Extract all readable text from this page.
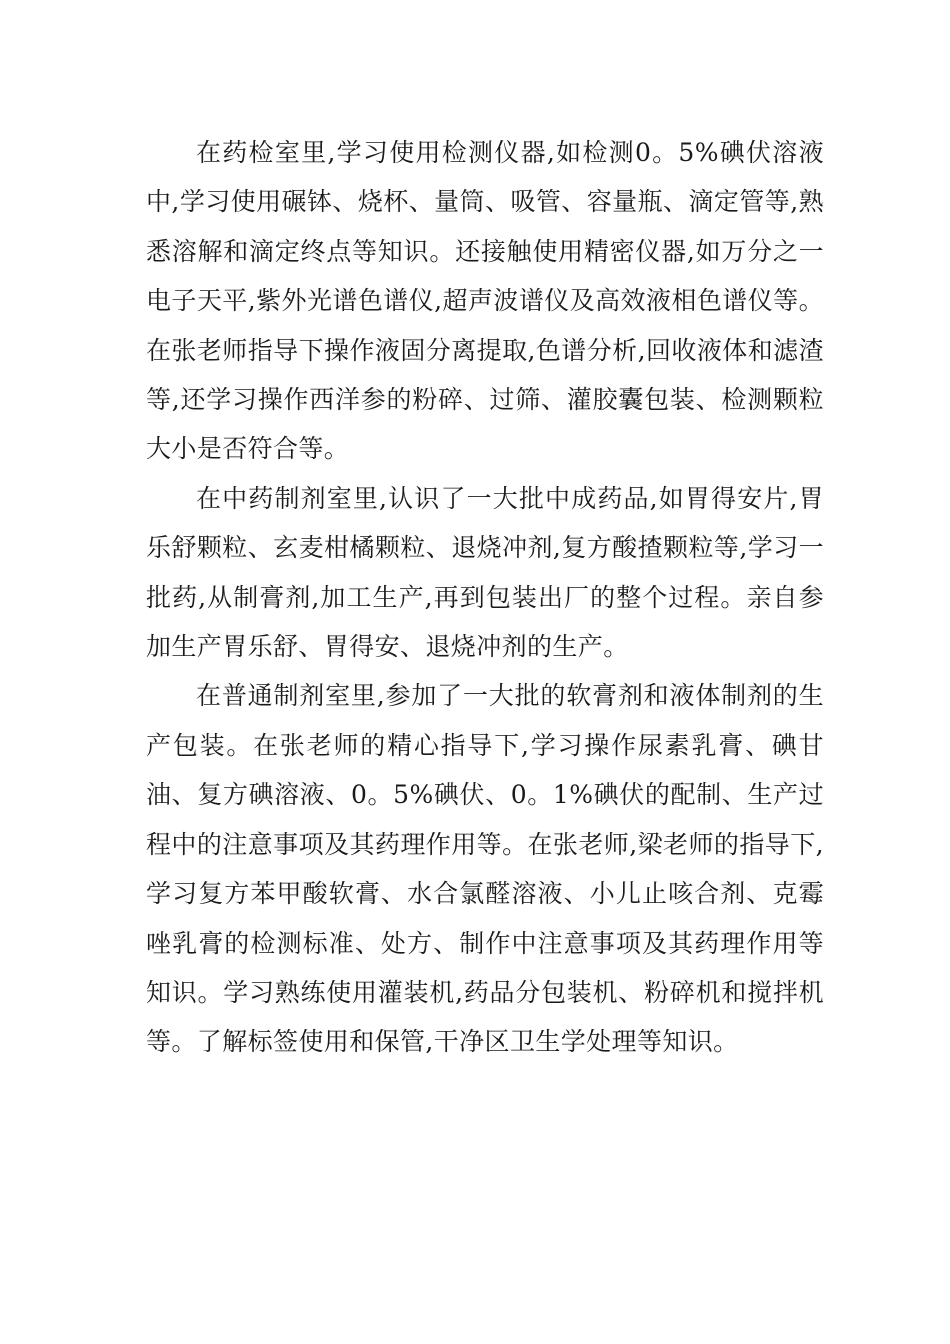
在药检室里,学习使用检测仪器,如检测0。5%碘伏溶液中,学习使用碾钵、烧杯、量筒、吸管、容量瓶、滴定管等,熟悉溶解和滴定终点等知识。还接触使用精密仪器,如万分之一电子天平,紫外光谱色谱仪,超声波谱仪及高效液相色谱仪等。在张老师指导下操作液固分离提取,色谱分析,回收液体和滤渣等,还学习操作西洋参的粉碎、过筛、灌胶囊包装、检测颗粒大小是否符合等。

在中药制剂室里,认识了一大批中成药品,如胃得安片,胃乐舒颗粒、玄麦柑橘颗粒、退烧冲剂,复方酸揸颗粒等,学习一批药,从制膏剂,加工生产,再到包装出厂的整个过程。亲自参加生产胃乐舒、胃得安、退烧冲剂的生产。

在普通制剂室里,参加了一大批的软膏剂和液体制剂的生产包装。在张老师的精心指导下,学习操作尿素乳膏、碘甘油、复方碘溶液、0。5%碘伏、0。1%碘伏的配制、生产过程中的注意事项及其药理作用等。在张老师,梁老师的指导下,学习复方苯甲酸软膏、水合氯醛溶液、小儿止咳合剂、克霉唑乳膏的检测标准、处方、制作中注意事项及其药理作用等知识。学习熟练使用灌装机,药品分包装机、粉碎机和搅拌机等。了解标签使用和保管,干净区卫生学处理等知识。
